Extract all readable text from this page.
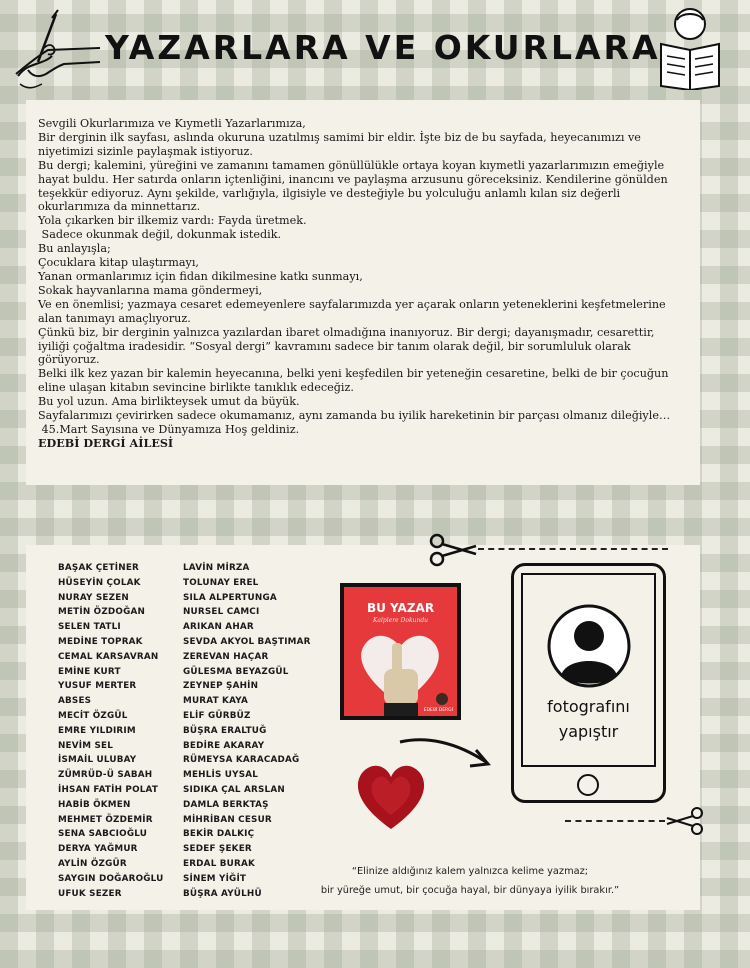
YAZARLARA VE OKURLARA

Sevgili Okurlarımıza ve Kıymetli Yazarlarımıza,

Bir derginin ilk sayfası, aslında okuruna uzatılmış samimi bir eldir. İşte biz de bu sayfada, heyecanımızı ve niyetimizi sizinle paylaşmak istiyoruz.

Bu dergi; kalemini, yüreğini ve zamanını tamamen gönüllülükle ortaya koyan kıymetli yazarlarımızın emeğiyle hayat buldu. Her satırda onların içtenliğini, inancını ve paylaşma arzusunu göreceksiniz. Kendilerine gönülden teşekkür ediyoruz. Aynı şekilde, varlığıyla, ilgisiyle ve desteğiyle bu yolculuğu anlamlı kılan siz değerli okurlarımıza da minnettarız.

Yola çıkarken bir ilkemiz vardı: Fayda üretmek.

Sadece okunmak değil, dokunmak istedik.

Bu anlayışla;

Çocuklara kitap ulaştırmayı,

Yanan ormanlarımız için fidan dikilmesine katkı sunmayı,

Sokak hayvanlarına mama göndermeyi,

Ve en önemlisi; yazmaya cesaret edemeyenlere sayfalarımızda yer açarak onların yeteneklerini keşfetmelerine alan tanımayı amaçlıyoruz.

Çünkü biz, bir derginin yalnızca yazılardan ibaret olmadığına inanıyoruz. Bir dergi; dayanışmadır, cesarettir, iyiliği çoğaltma iradesidir. “Sosyal dergi” kavramını sadece bir tanım olarak değil, bir sorumluluk olarak görüyoruz.

Belki ilk kez yazan bir kalemin heyecanına, belki yeni keşfedilen bir yeteneğin cesaretine, belki de bir çocuğun eline ulaşan kitabın sevincine birlikte tanıklık edeceğiz.

Bu yol uzun. Ama birlikteysek umut da büyük.

Sayfalarımızı çevirirken sadece okumamanız, aynı zamanda bu iyilik hareketinin bir parçası olmanız dileğiyle…

45.Mart Sayısına ve Dünyamıza Hoş geldiniz.

EDEBİ DERGİ AİLESİ

BAŞAK ÇETİNER
HÜSEYİN ÇOLAK
NURAY SEZEN
METİN ÖZDOĞAN
SELEN TATLI
MEDİNE TOPRAK
CEMAL KARSAVRAN
EMİNE KURT
YUSUF MERTER
ABSES
MECİT ÖZGÜL
EMRE YILDIRIM
NEVİM SEL
İSMAİL ULUBAY
ZÜMRÜD-Ü SABAH
İHSAN FATİH POLAT
HABİB ÖKMEN
MEHMET ÖZDEMİR
SENA SABCIOĞLU
DERYA YAĞMUR
AYLİN ÖZGÜR
SAYGIN DOĞAROĞLU
UFUK SEZER
LAVİN MİRZA
TOLUNAY EREL
SILA ALPERTUNGA
NURSEL CAMCI
ARIKAN AHAR
SEVDA AKYOL BAŞTIMAR
ZEREVAN HAÇAR
GÜLESMA BEYAZGÜL
ZEYNEP ŞAHİN
MURAT KAYA
ELİF GÜRBÜZ
BÜŞRA ERALTUĞ
BEDİRE AKARAY
RÜMEYSA KARACADAĞ
MEHLİS UYSAL
SIDIKA ÇAL ARSLAN
DAMLA BERKTAŞ
MİHRİBAN CESUR
BEKİR DALKIÇ
SEDEF ŞEKER
ERDAL BURAK
SİNEM YİĞİT
BÜŞRA AYÜLHÜ
BU YAZAR
Kalplere Dokundu
EDEBİ DERGİ	fotografını
yapıştır
“Elinize aldığınız kalem yalnızca kelime yazmaz;
bir yüreğe umut, bir çocuğa hayal, bir dünyaya iyilik bırakır.”
